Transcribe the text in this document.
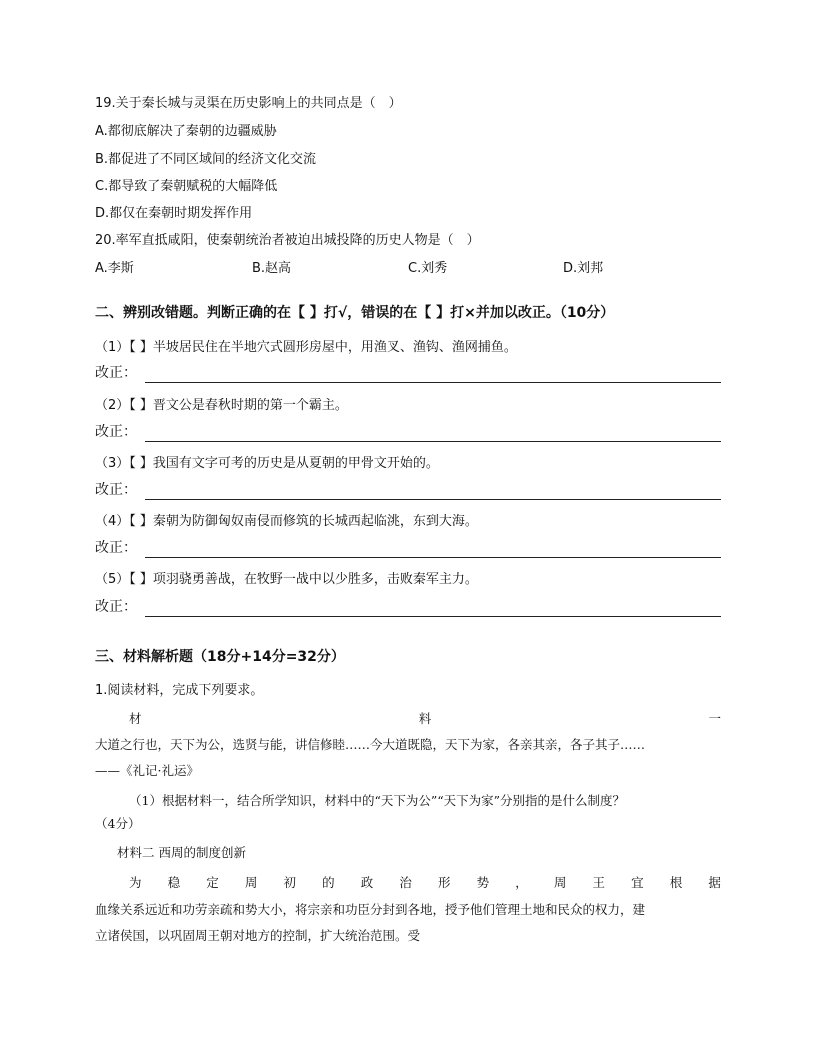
19.关于秦长城与灵渠在历史影响上的共同点是（　）
A.都彻底解决了秦朝的边疆威胁
B.都促进了不同区域间的经济文化交流
C.都导致了秦朝赋税的大幅降低
D.都仅在秦朝时期发挥作用
20.率军直抵咸阳，使秦朝统治者被迫出城投降的历史人物是（　）
A.李斯	B.赵高	C.刘秀	D.刘邦
二、辨别改错题。判断正确的在【 】打√，错误的在【 】打×并加以改正。（10分）
（1）【 】半坡居民住在半地穴式圆形房屋中，用渔叉、渔钩、渔网捕鱼。
改正：
（2）【 】晋文公是春秋时期的第一个霸主。
改正：
（3）【 】我国有文字可考的历史是从夏朝的甲骨文开始的。
改正：
（4）【 】秦朝为防御匈奴南侵而修筑的长城西起临洮，东到大海。
改正：
（5）【 】项羽骁勇善战，在牧野一战中以少胜多，击败秦军主力。
改正：
三、材料解析题（18分+14分=32分）
1.阅读材料，完成下列要求。
材	料	一
大道之行也，天下为公，选贤与能，讲信修睦……今大道既隐，天下为家，各亲其亲，各子其子……
——《礼记·礼运》
（1）根据材料一，结合所学知识，材料中的“天下为公”“天下为家”分别指的是什么制度？
（4分）
材料二 西周的制度创新
为 稳 定 周 初 的 政 治 形 势 ， 周 王 宜 根 据
血缘关系远近和功劳亲疏和势大小，将宗亲和功臣分封到各地，授予他们管理土地和民众的权力，建
立诸侯国，以巩固周王朝对地方的控制，扩大统治范围。受
